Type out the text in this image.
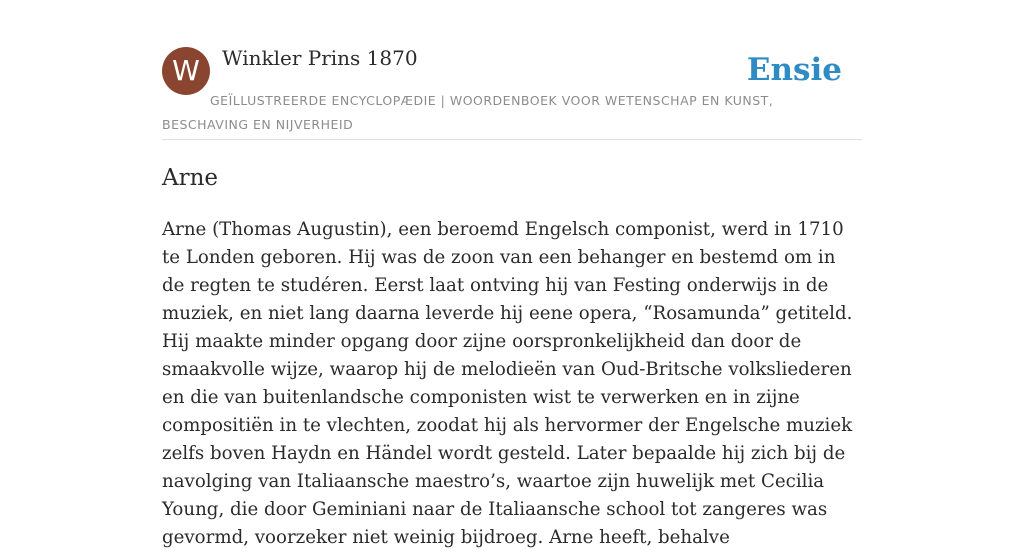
W	Winkler Prins 1870	Ensie
GEÏLLUSTREERDE ENCYCLOPÆDIE | WOORDENBOEK VOOR WETENSCHAP EN KUNST, BESCHAVING EN NIJVERHEID
Arne

Arne (Thomas Augustin), een beroemd Engelsch componist, werd in 1710 te Londen geboren. Hij was de zoon van een behanger en bestemd om in de regten te studéren. Eerst laat ontving hij van Festing onderwijs in de muziek, en niet lang daarna leverde hij eene opera, “Rosamunda” getiteld. Hij maakte minder opgang door zijne oorspronkelijkheid dan door de smaakvolle wijze, waarop hij de melodieën van Oud-Britsche volksliederen en die van buitenlandsche componisten wist te verwerken en in zijne compositiën in te vlechten, zoodat hij als hervormer der Engelsche muziek zelfs boven Haydn en Händel wordt gesteld. Later bepaalde hij zich bij de navolging van Italiaansche maestro’s, waartoe zijn huwelijk met Cecilia Young, die door Geminiani naar de Italiaansche school tot zangeres was gevormd, voorzeker niet weinig bijdroeg. Arne heeft, behalve
